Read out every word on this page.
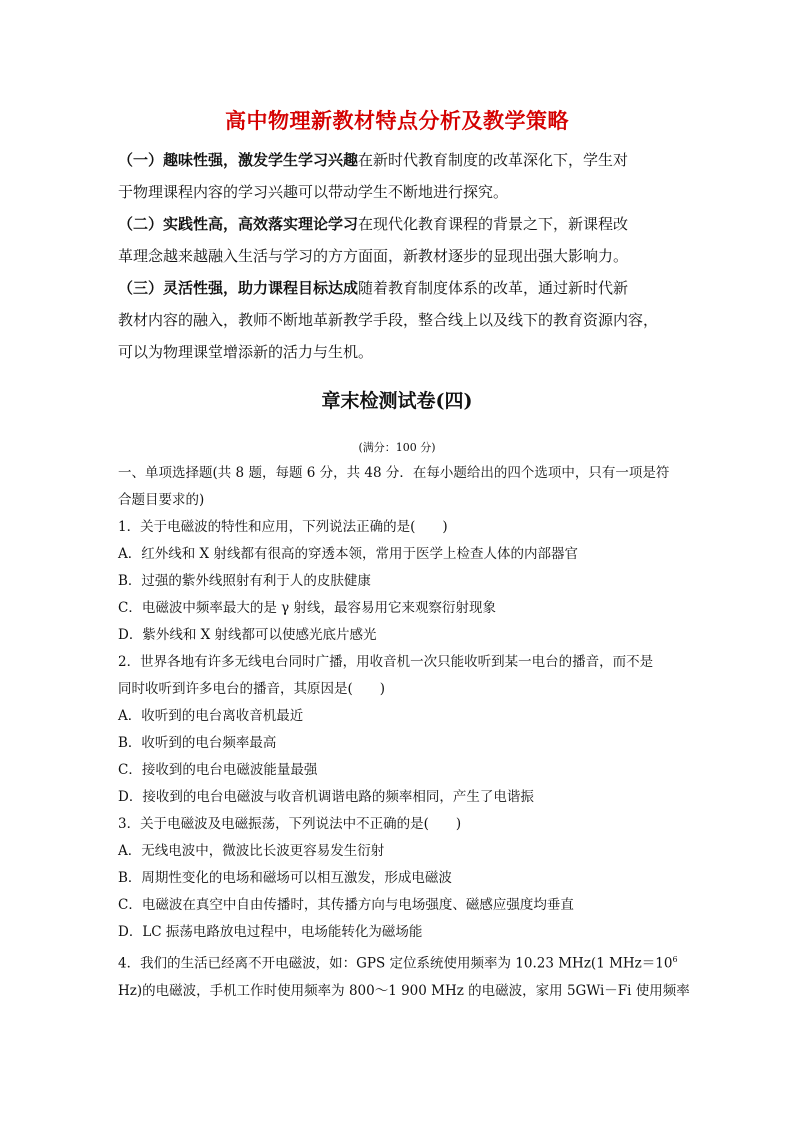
高中物理新教材特点分析及教学策略
（一）趣味性强，激发学生学习兴趣在新时代教育制度的改革深化下，学生对
于物理课程内容的学习兴趣可以带动学生不断地进行探究。
（二）实践性高，高效落实理论学习在现代化教育课程的背景之下，新课程改
革理念越来越融入生活与学习的方方面面，新教材逐步的显现出强大影响力。
（三）灵活性强，助力课程目标达成随着教育制度体系的改革，通过新时代新
教材内容的融入，教师不断地革新教学手段，整合线上以及线下的教育资源内容，
可以为物理课堂增添新的活力与生机。
章末检测试卷(四)
(满分：100 分)
一、单项选择题(共 8 题，每题 6 分，共 48 分．在每小题给出的四个选项中，只有一项是符
合题目要求的)
1．关于电磁波的特性和应用，下列说法正确的是(　　)
A．红外线和 X 射线都有很高的穿透本领，常用于医学上检查人体的内部器官
B．过强的紫外线照射有利于人的皮肤健康
C．电磁波中频率最大的是 γ 射线，最容易用它来观察衍射现象
D．紫外线和 X 射线都可以使感光底片感光
2．世界各地有许多无线电台同时广播，用收音机一次只能收听到某一电台的播音，而不是
同时收听到许多电台的播音，其原因是(　　)
A．收听到的电台离收音机最近
B．收听到的电台频率最高
C．接收到的电台电磁波能量最强
D．接收到的电台电磁波与收音机调谐电路的频率相同，产生了电谐振
3．关于电磁波及电磁振荡，下列说法中不正确的是(　　)
A．无线电波中，微波比长波更容易发生衍射
B．周期性变化的电场和磁场可以相互激发，形成电磁波
C．电磁波在真空中自由传播时，其传播方向与电场强度、磁感应强度均垂直
D．LC 振荡电路放电过程中，电场能转化为磁场能
4．我们的生活已经离不开电磁波，如：GPS 定位系统使用频率为 10.23 MHz(1 $MHz=10^6$
Hz)的电磁波，手机工作时使用频率为 800～1 900 MHz 的电磁波，家用 5GWi－Fi 使用频率
